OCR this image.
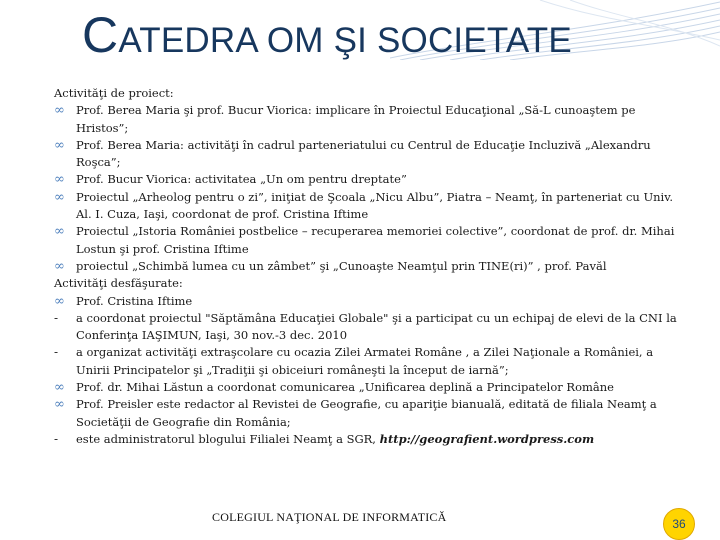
CATEDRA OM ŞI SOCIETATE
Activităţi de proiect:
∞ Prof. Berea Maria şi prof. Bucur Viorica: implicare în Proiectul Educaţional „Să-L cunoaştem pe Hristos”;
∞ Prof. Berea Maria: activităţi în cadrul parteneriatului cu Centrul de Educaţie Incluzivă „Alexandru Roşca”;
∞ Prof. Bucur Viorica: activitatea „Un om pentru dreptate”
∞ Proiectul „Arheolog pentru o zi”, iniţiat de Şcoala „Nicu Albu”, Piatra – Neamţ, în parteneriat cu Univ. Al. I. Cuza, Iaşi, coordonat de prof. Cristina Iftime
∞ Proiectul „Istoria României postbelice – recuperarea memoriei colective”, coordonat de prof. dr. Mihai Lostun şi prof. Cristina Iftime
∞ proiectul „Schimbă lumea cu un zâmbet” şi „Cunoaşte Neamţul prin TINE(ri)” , prof. Pavăl
Activităţi desfăşurate:
∞ Prof. Cristina Iftime
-	a coordonat proiectul "Săptămâna Educaţiei Globale" şi a participat cu un echipaj de elevi de la CNI la Conferinţa IAŞIMUN, Iaşi, 30 nov.-3 dec. 2010
-	a organizat activităţi extraşcolare cu ocazia Zilei Armatei Române , a Zilei Naţionale a României, a Unirii Principatelor şi „Tradiţii şi obiceiuri româneşti la început de iarnă”;
∞ Prof. dr. Mihai Lăstun a coordonat comunicarea „Unificarea deplină a Principatelor Române
∞ Prof. Preisler este redactor al Revistei de Geografie, cu apariţie bianuală, editată de filiala Neamţ a Societăţii de Geografie din România;
-	este administratorul blogului Filialei Neamţ a SGR, http://geografient.wordpress.com
COLEGIUL NAŢIONAL DE INFORMATICĂ	36
